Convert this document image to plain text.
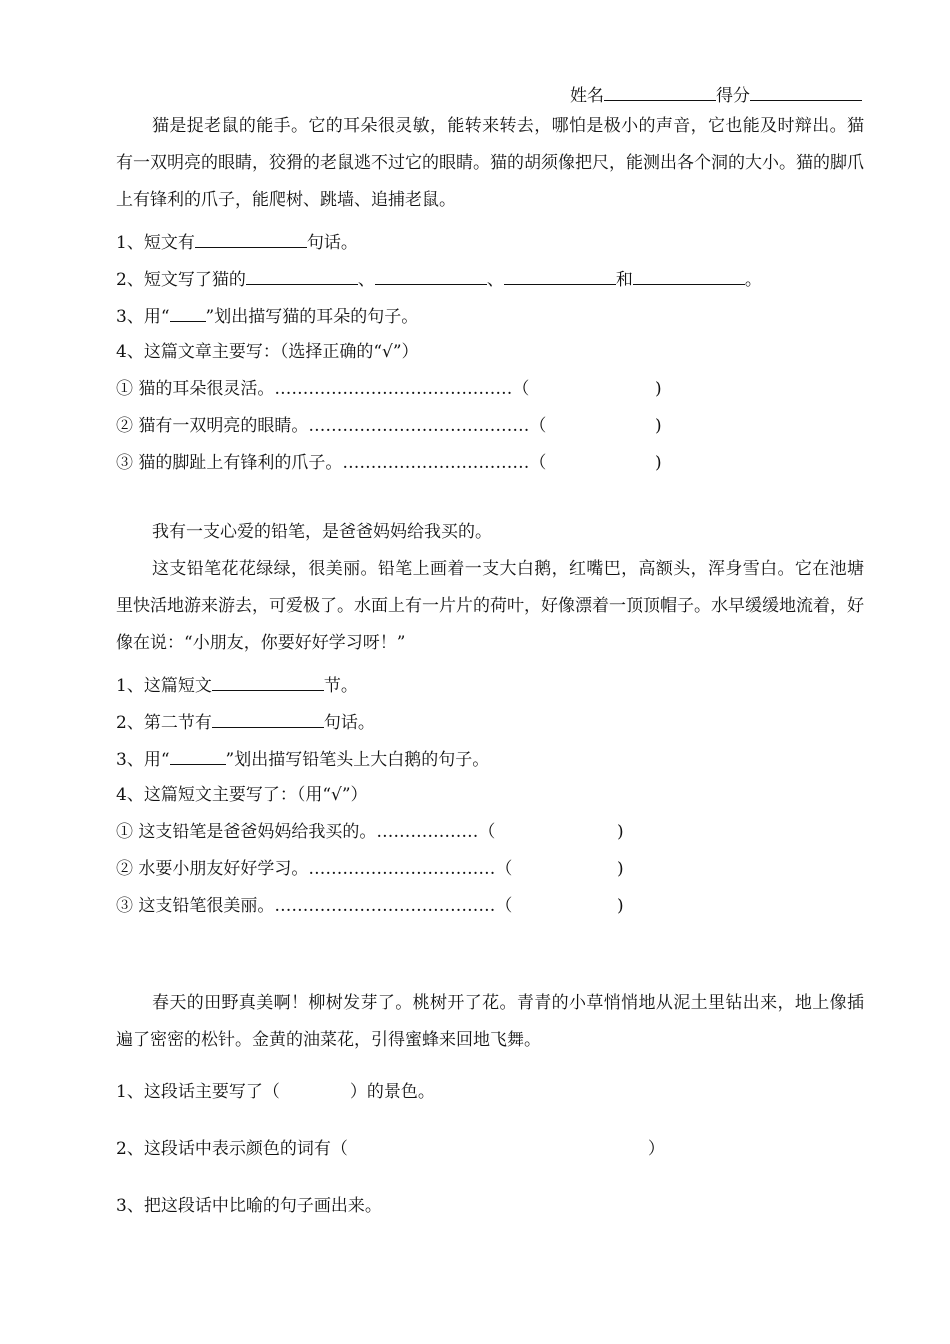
姓名	得分
猫是捉老鼠的能手。它的耳朵很灵敏，能转来转去，哪怕是极小的声音，它也能及时辩出。猫有一双明亮的眼睛，狡猾的老鼠逃不过它的眼睛。猫的胡须像把尺，能测出各个洞的大小。猫的脚爪上有锋利的爪子，能爬树、跳墙、追捕老鼠。
1、短文有	句话。
2、短文写了猫的	、	、	和	。
3、用“ ”划出描写猫的耳朵的句子。
4、这篇文章主要写：（选择正确的“√”）
① 猫的耳朵很灵活。……………………………………（	)
② 猫有一双明亮的眼睛。…………………………………（	)
③ 猫的脚趾上有锋利的爪子。……………………………（	)
我有一支心爱的铅笔，是爸爸妈妈给我买的。
这支铅笔花花绿绿，很美丽。铅笔上画着一支大白鹅，红嘴巴，高额头，浑身雪白。它在池塘里快活地游来游去，可爱极了。水面上有一片片的荷叶，好像漂着一顶顶帽子。水早缓缓地流着，好像在说：“小朋友，你要好好学习呀！”
1、这篇短文	节。
2、第二节有	句话。
3、用“	”划出描写铅笔头上大白鹅的句子。
4、这篇短文主要写了：（用“√”）
① 这支铅笔是爸爸妈妈给我买的。………………（	)
② 水要小朋友好好学习。……………………………（	)
③ 这支铅笔很美丽。…………………………………（	)
春天的田野真美啊！柳树发芽了。桃树开了花。青青的小草悄悄地从泥土里钻出来，地上像插遍了密密的松针。金黄的油菜花，引得蜜蜂来回地飞舞。
1、这段话主要写了（	）的景色。
2、这段话中表示颜色的词有（	）
3、把这段话中比喻的句子画出来。
